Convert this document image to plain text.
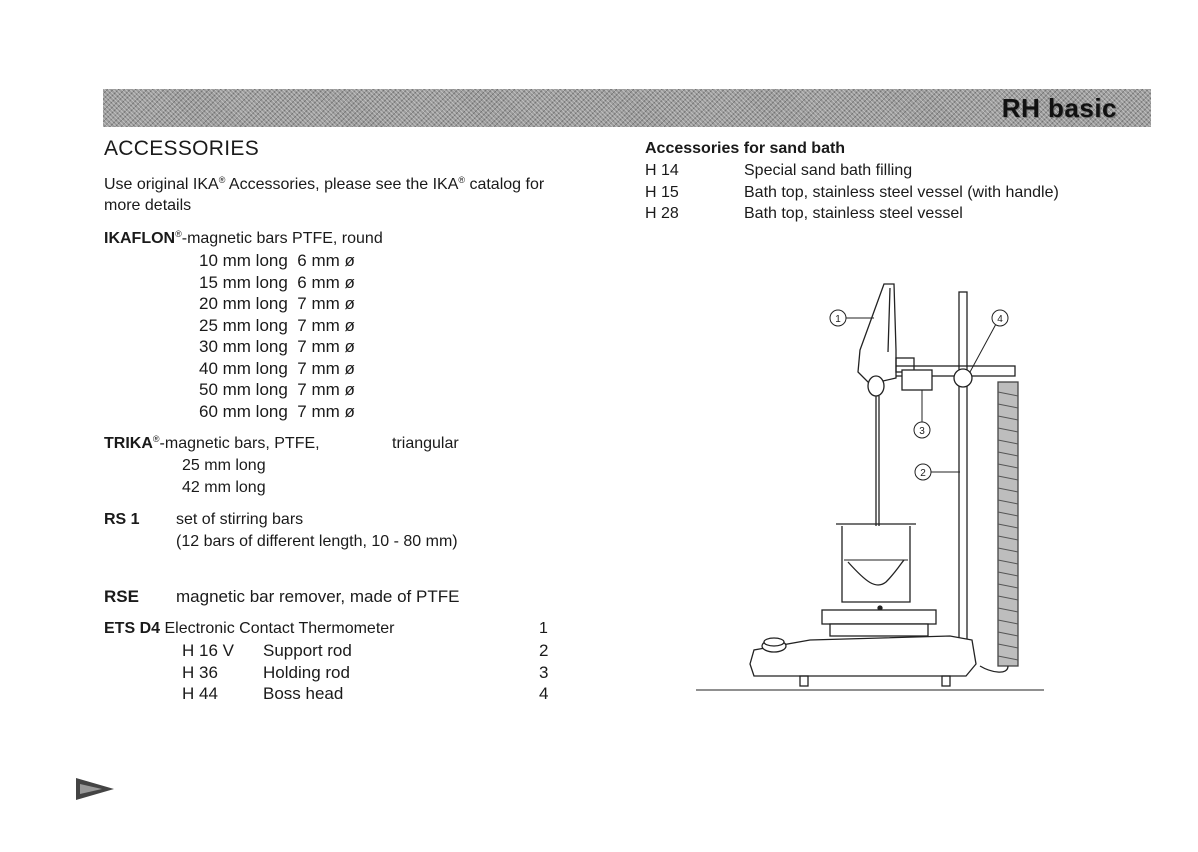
RH basic
ACCESSORIES
Use original IKA® Accessories, please see the IKA® catalog for
more details
IKAFLON®-magnetic bars PTFE, round
10 mm long 6 mm ø
15 mm long 6 mm ø
20 mm long 7 mm ø
25 mm long 7 mm ø
30 mm long 7 mm ø
40 mm long 7 mm ø
50 mm long 7 mm ø
60 mm long 7 mm ø
TRIKA®-magnetic bars, PTFE,	triangular
25 mm long
42 mm long
RS 1 set of stirring bars
(12 bars of different length, 10 - 80 mm)
RSE magnetic bar remover, made of PTFE
ETS D4 Electronic Contact Thermometer	1
H 16 V Support rod	2
H 36	Holding rod	3
H 44	Boss head	4
Accessories for sand bath
H 14	Special sand bath filling
H 15	Bath top, stainless steel vessel (with handle)
H 28	Bath top, stainless steel vessel
1
2
3
4
